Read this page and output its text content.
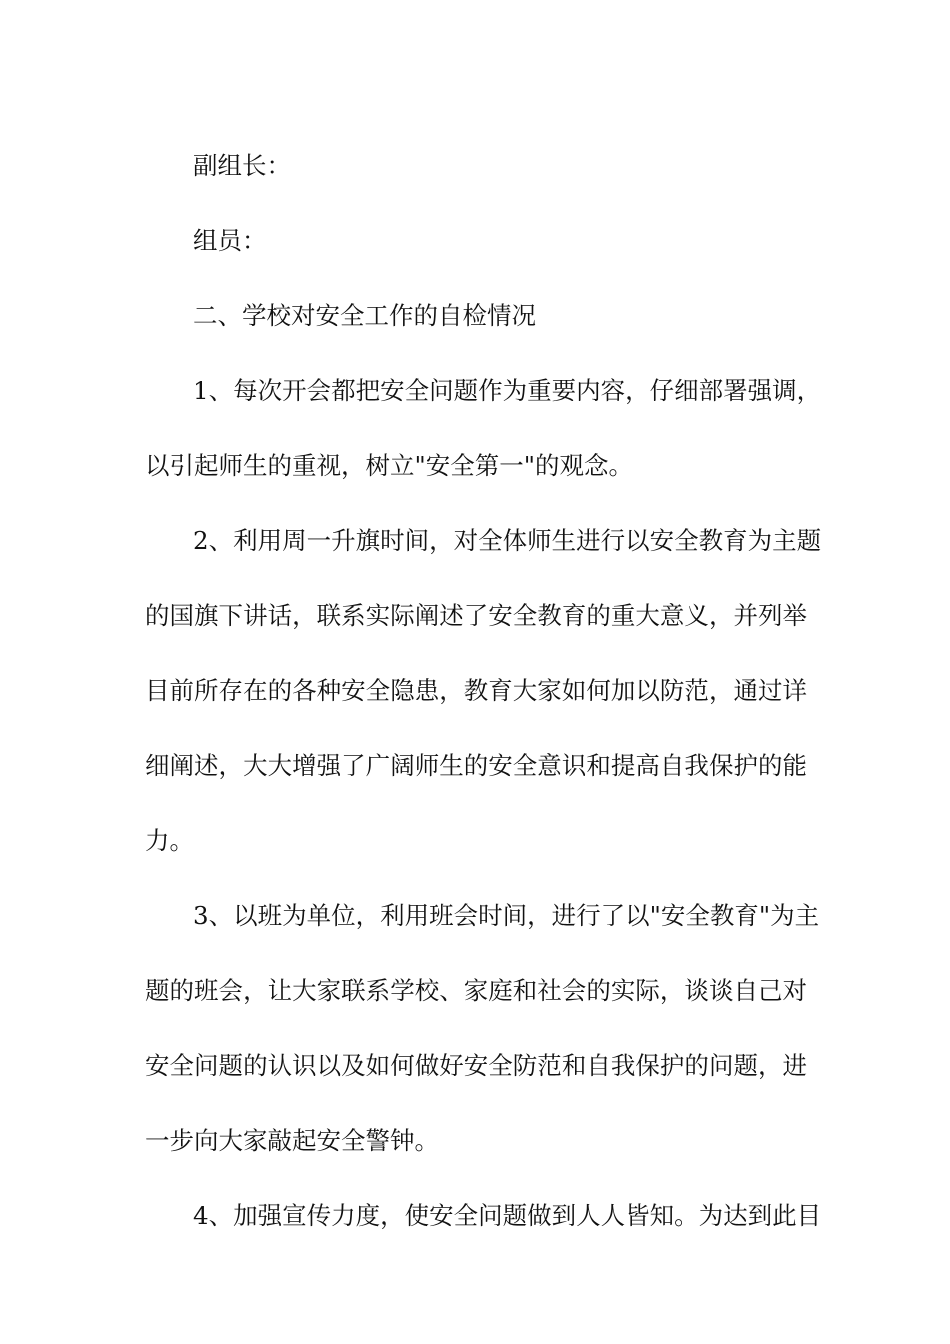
副组长：
组员：
二、学校对安全工作的自检情况
1、每次开会都把安全问题作为重要内容，仔细部署强调，
以引起师生的重视，树立"安全第一"的观念。
2、利用周一升旗时间，对全体师生进行以安全教育为主题
的国旗下讲话，联系实际阐述了安全教育的重大意义，并列举
目前所存在的各种安全隐患，教育大家如何加以防范，通过详
细阐述，大大增强了广阔师生的安全意识和提高自我保护的能
力。
3、以班为单位，利用班会时间，进行了以"安全教育"为主
题的班会，让大家联系学校、家庭和社会的实际，谈谈自己对
安全问题的认识以及如何做好安全防范和自我保护的问题，进
一步向大家敲起安全警钟。
4、加强宣传力度，使安全问题做到人人皆知。为达到此目
